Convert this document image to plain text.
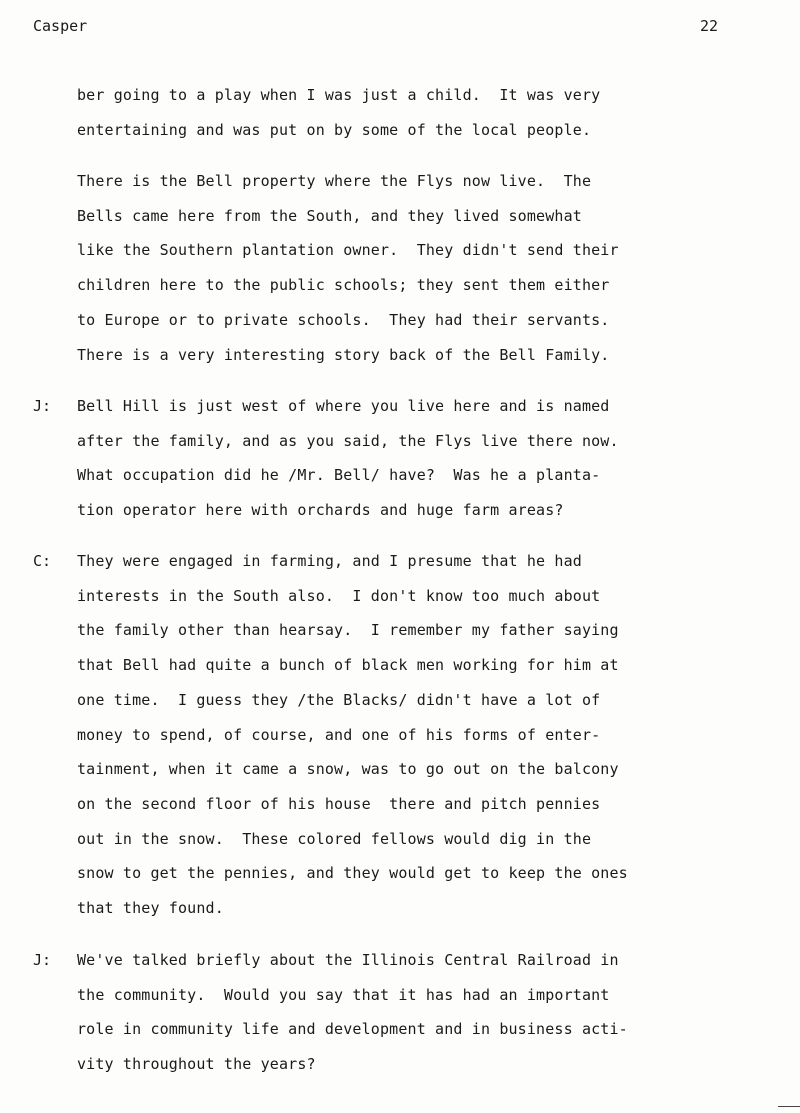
Casper	22
ber going to a play when I was just a child.  It was very
entertaining and was put on by some of the local people.
There is the Bell property where the Flys now live.  The
Bells came here from the South, and they lived somewhat
like the Southern plantation owner.  They didn't send their
children here to the public schools; they sent them either
to Europe or to private schools.  They had their servants.
There is a very interesting story back of the Bell Family.
J: Bell Hill is just west of where you live here and is named
after the family, and as you said, the Flys live there now.
What occupation did he /Mr. Bell/ have?  Was he a planta-
tion operator here with orchards and huge farm areas?
C: They were engaged in farming, and I presume that he had
interests in the South also.  I don't know too much about
the family other than hearsay.  I remember my father saying
that Bell had quite a bunch of black men working for him at
one time.  I guess they /the Blacks/ didn't have a lot of
money to spend, of course, and one of his forms of enter-
tainment, when it came a snow, was to go out on the balcony
on the second floor of his house  there and pitch pennies
out in the snow.  These colored fellows would dig in the
snow to get the pennies, and they would get to keep the ones
that they found.
J: We've talked briefly about the Illinois Central Railroad in
the community.  Would you say that it has had an important
role in community life and development and in business acti-
vity throughout the years?
